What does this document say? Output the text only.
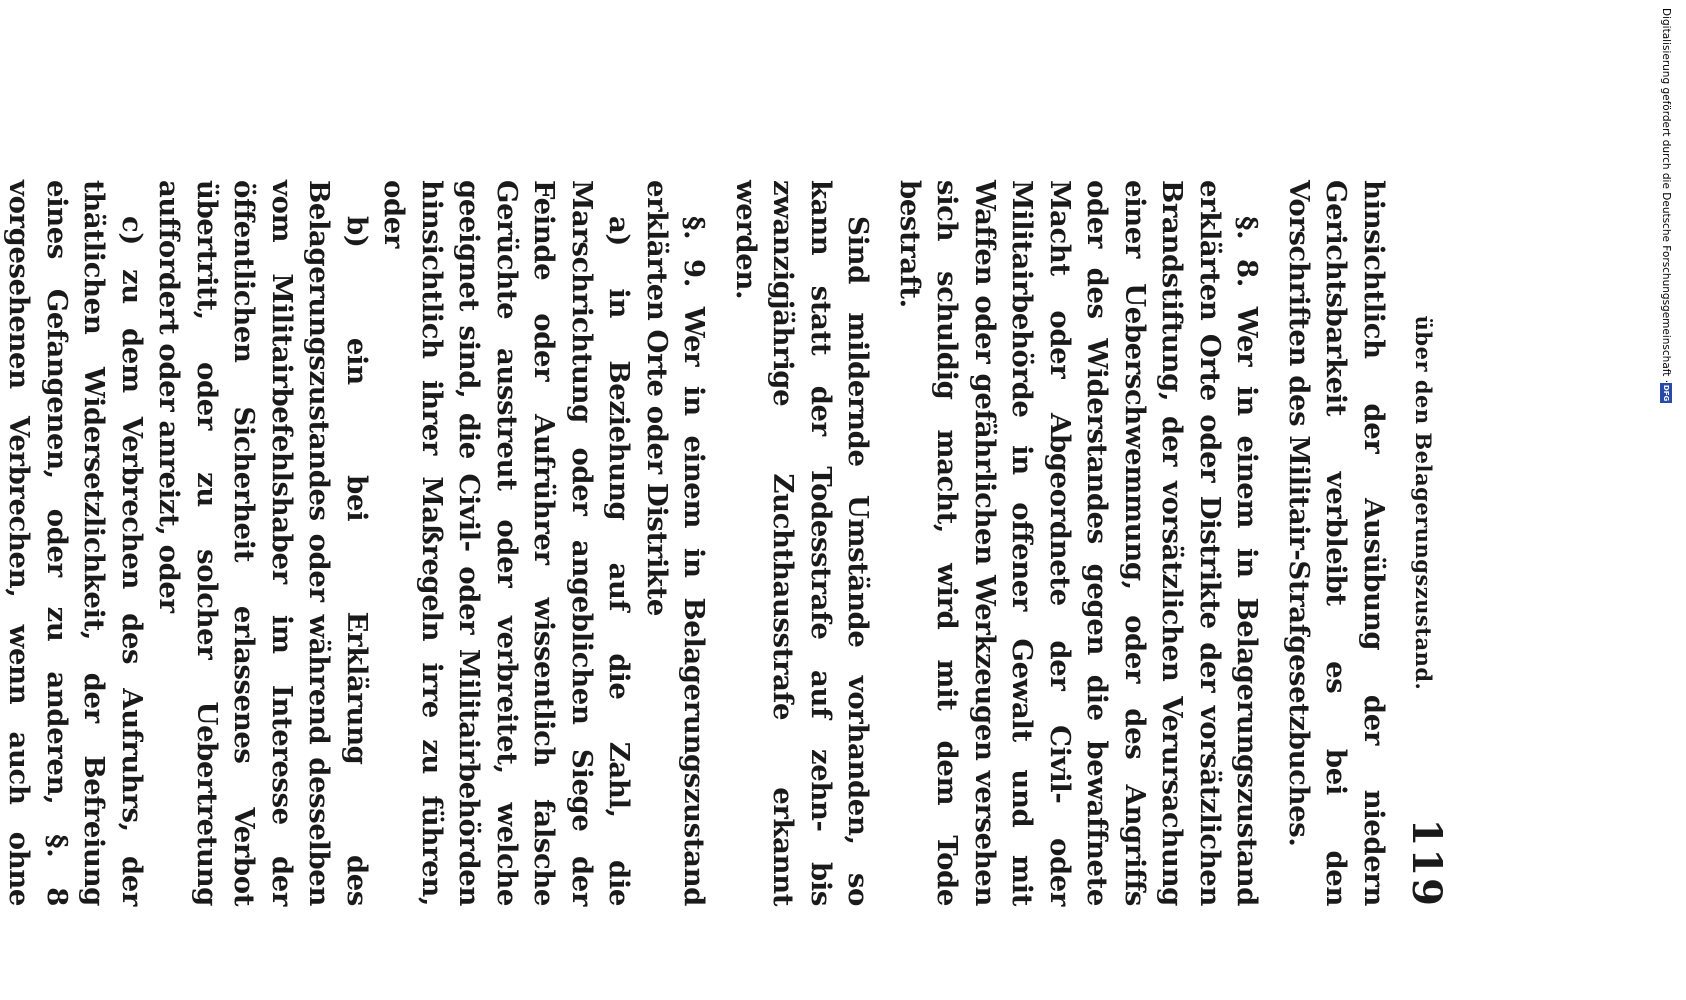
über den Belagerungszustand.
119

hinsichtlich der Ausübung der niedern Gerichtsbarkeit verbleibt es bei den Vorschriften des Militair-Strafgesetzbuches.

§. 8. Wer in einem in Belagerungszustand erklärten Orte oder Distrikte der vorsätzlichen Brandstiftung, der vorsätzlichen Verursachung einer Ueberschwemmung, oder des Angriffs oder des Widerstandes gegen die bewaffnete Macht oder Abgeordnete der Civil- oder Militairbehörde in offener Gewalt und mit Waffen oder gefährlichen Werkzeugen versehen sich schuldig macht, wird mit dem Tode bestraft.

Sind mildernde Umstände vorhanden, so kann statt der Todesstrafe auf zehn- bis zwanzigjährige Zuchthausstrafe erkannt werden.

§. 9. Wer in einem in Belagerungszustand erklärten Orte oder Distrikte

a) in Beziehung auf die Zahl, die Marschrichtung oder angeblichen Siege der Feinde oder Aufrührer wissentlich falsche Gerüchte ausstreut oder verbreitet, welche geeignet sind, die Civil- oder Militairbehörden hinsichtlich ihrer Maßregeln irre zu führen, oder

b) ein bei Erklärung des Belagerungszustandes oder während desselben vom Militairbefehlshaber im Interesse der öffentlichen Sicherheit erlassenes Verbot übertritt, oder zu solcher Uebertretung auffordert oder anreizt, oder

c) zu dem Verbrechen des Aufruhrs, der thätlichen Widersetzlichkeit, der Befreiung eines Gefangenen, oder zu anderen, §. 8 vorgesehenen Verbrechen, wenn auch ohne

Digitalisierung gefördert durch die Deutsche Forschungsgemeinschaft ·
DFG
